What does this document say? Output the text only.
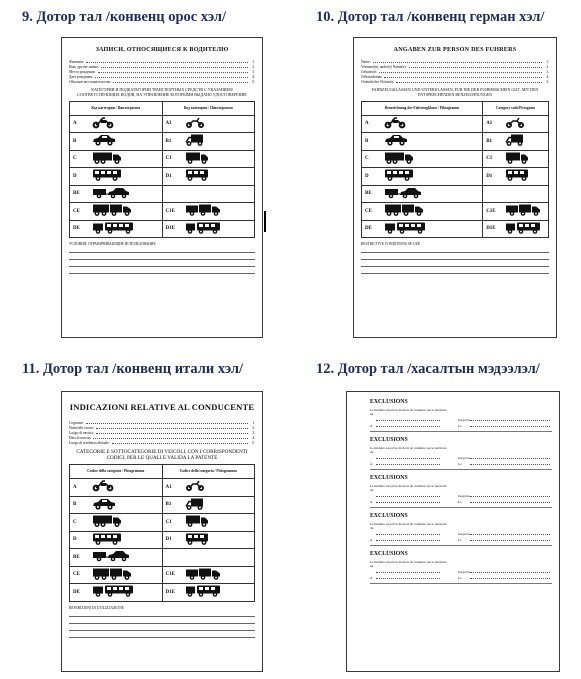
9. Дотор тал /конвенц орос хэл/	10. Дотор тал /конвенц герман хэл/
11. Дотор тал /конвенц итали хэл/	12. Дотор тал /хасалтын мэдээлэл/
ЗАПИСИ, ОТНОСЯЩИЕСЯ К ВОДИТЕЛЮ
Фамилия:	1.
Имя, другие имена:	2.
Место рождения:	3.
Дата рождения:	4.
Обычное местожительство:	5.
КАТЕГОРИИ И ПОДКАТЕГОРИИ ТРАНСПОРТНЫХ СРЕДСТВ С УКАЗАНИЕМ СООТВЕТСТВУЮЩИХ КОДОВ, НА УПРАВЛЕНИЕ КОТОРЫМИ ВЫДАНО УДОСТОВЕРЕНИЕ
Код категории / Пиктограмма	Код категории / Пиктограмма
A	A1

B	B1

C	C1

D	D1

BE

CE	C1E

DE	D1E
УСЛОВИЯ, ОГРАНИЧИВАЮЩИЕ ИСПОЛЬЗОВАНИЕ
ANGABEN ZUR PERSON DES FUHRERS
Name:	1.
Vorname(n), ander(e) Name(n):	2.
Geburtsort:	3.
Geburtsdatum:	4.
Ordentlicher Wohnsitz:	5.
FAHRZEUGKLASSEN UND UNTERKLASSEN, FUR DIE DER FUHRERSCHEIN GILT, MIT DEN ENTSPRECHENDEN BENZEICHNUNGEN
Benzeichnung der Fahrzeugklasse / Piktogramm	Category code/Pictogram
A	A1

B	B1

C	C1

D	D1

BE

CE	C1E

DE	D1E
RESTRICTIVE CONDITIONS OF USE
INDICAZIONI RELATIVE AL CONDUCENTE
Cognome:	1.
Nome/altri nomi:	2.
Luogo di nascita:	3.
Data di nascita:	4.
Luogo di residenza abituale:	5.
CATEGORIE E SOTTOCATEGORIE DI VEICOLI, CON I CORRISPONDENTI CODICI, PER LE QUALI E VALIDA LA PATENTE
Codice della categoria / Pittogramma	Codice della categoria / Pittogramma
A	A1

B	B1

C	C1

D	D1

BE

CE	C1E

DE	D1E
RESTRIZIONI DI UTILIZZAZIONE
EXCLUSIONS
Le titulaire est prive du droit de conduire sur le territoire de
Jusqu'au
A	Le
EXCLUSIONS
Le titulaire est prive du droit de conduire sur le territoire de
Jusqu'au
A	Le
EXCLUSIONS
Le titulaire est prive du droit de conduire sur le territoire de
Jusqu'au
A	Le
EXCLUSIONS
Le titulaire est prive du droit de conduire sur le territoire de
Jusqu'au
A	Le
EXCLUSIONS
Le titulaire est prive du droit de conduire sur le territoire de
Jusqu'au
A	Le
